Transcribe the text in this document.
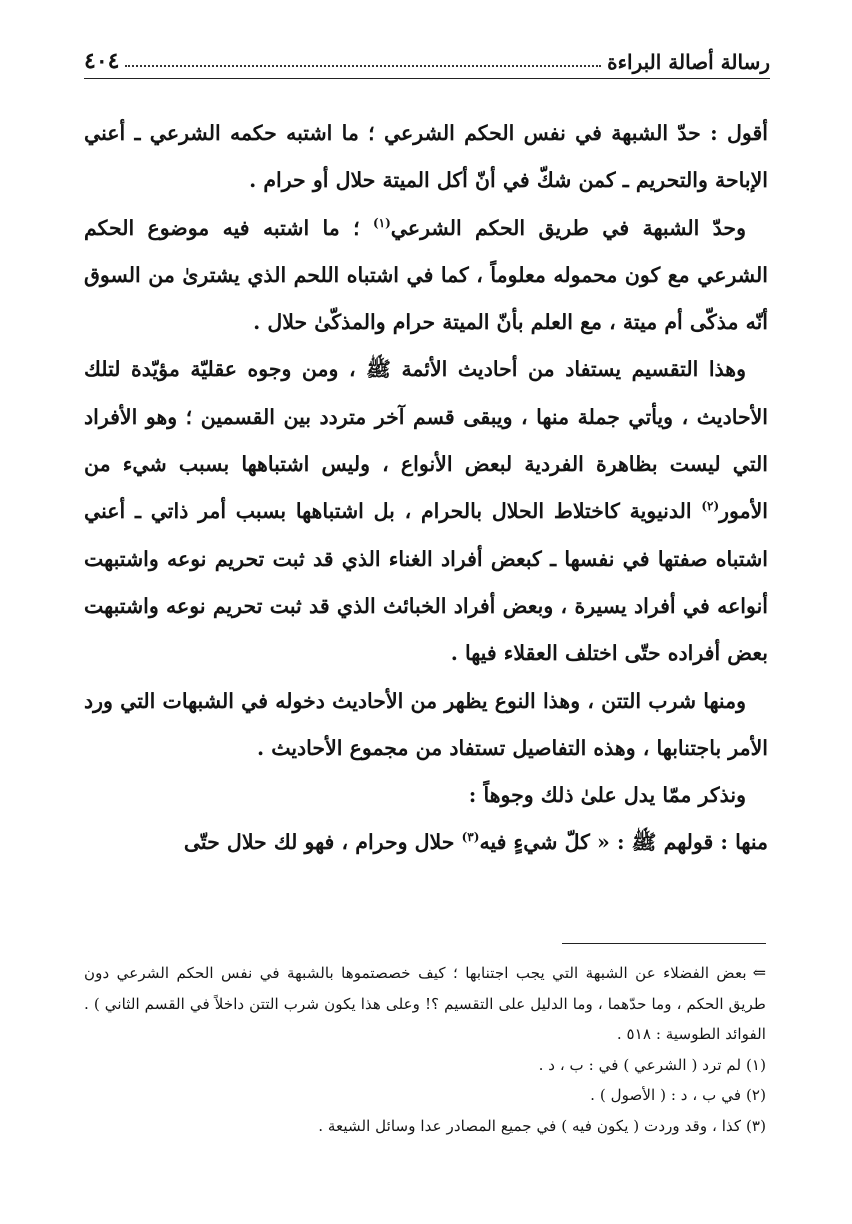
رسالة أصالة البراءة
٤٠٤

أقول : حدّ الشبهة في نفس الحكم الشرعي ؛ ما اشتبه حكمه الشرعي ـ أعني الإباحة والتحريم ـ كمن شكّ في أنّ أكل الميتة حلال أو حرام .

وحدّ الشبهة في طريق الحكم الشرعي$^{(١)}$ ؛ ما اشتبه فيه موضوع الحكم الشرعي مع كون محموله معلوماً ، كما في اشتباه اللحم الذي يشترىٰ من السوق أنّه مذكّى أم ميتة ، مع العلم بأنّ الميتة حرام والمذكّىٰ حلال .

وهذا التقسيم يستفاد من أحاديث الأئمة ﷺ ، ومن وجوه عقليّة مؤيّدة لتلك الأحاديث ، ويأتي جملة منها ، ويبقى قسم آخر متردد بين القسمين ؛ وهو الأفراد التي ليست بظاهرة الفردية لبعض الأنواع ، وليس اشتباهها بسبب شيء من الأمور$^{(٢)}$ الدنيوية كاختلاط الحلال بالحرام ، بل اشتباهها بسبب أمر ذاتي ـ أعني اشتباه صفتها في نفسها ـ كبعض أفراد الغناء الذي قد ثبت تحريم نوعه واشتبهت أنواعه في أفراد يسيرة ، وبعض أفراد الخبائث الذي قد ثبت تحريم نوعه واشتبهت بعض أفراده حتّى اختلف العقلاء فيها .

ومنها شرب التتن ، وهذا النوع يظهر من الأحاديث دخوله في الشبهات التي ورد الأمر باجتنابها ، وهذه التفاصيل تستفاد من مجموع الأحاديث .

ونذكر ممّا يدل علىٰ ذلك وجوهاً :

منها : قولهم ﷺ : « كلّ شيءٍ فيه$^{(٣)}$ حلال وحرام ، فهو لك حلال حتّى

⇐بعض الفضلاء عن الشبهة التي يجب اجتنابها ؛ كيف خصصتموها بالشبهة في نفس الحكم الشرعي دون طريق الحكم ، وما حدّهما ، وما الدليل على التقسيم ؟! وعلى هذا يكون شرب التتن داخلاً في القسم الثاني ) . الفوائد الطوسية : ٥١٨ .

(١) لم ترد ( الشرعي ) في : ب ، د .

(٢) في ب ، د : ( الأصول ) .

(٣) كذا ، وقد وردت ( يكون فيه ) في جميع المصادر عدا وسائل الشيعة .
